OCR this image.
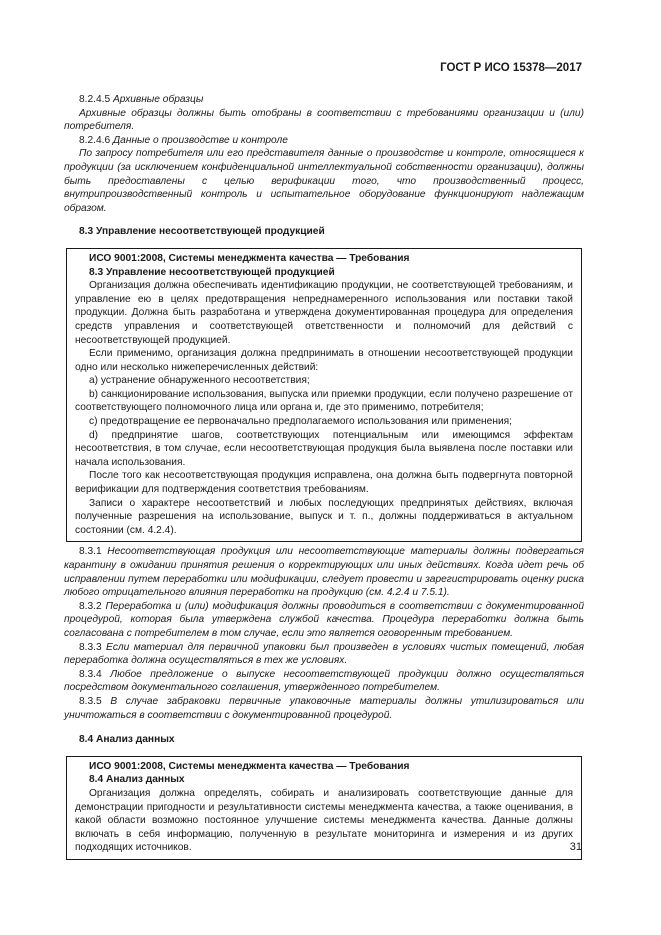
ГОСТ Р ИСО 15378—2017

8.2.4.5 Архивные образцы

Архивные образцы должны быть отобраны в соответствии с требованиями организации и (или) потребителя.

8.2.4.6 Данные о производстве и контроле

По запросу потребителя или его представителя данные о производстве и контроле, относящиеся к продукции (за исключением конфиденциальной интеллектуальной собственности организации), должны быть предоставлены с целью верификации того, что производственный процесс, внутрипроизводственный контроль и испытательное оборудование функционируют надлежащим образом.

8.3 Управление несоответствующей продукцией

ИСО 9001:2008, Системы менеджмента качества — Требования

8.3 Управление несоответствующей продукцией

Организация должна обеспечивать идентификацию продукции, не соответствующей требованиям, и управление ею в целях предотвращения непреднамеренного использования или поставки такой продукции. Должна быть разработана и утверждена документированная процедура для определения средств управления и соответствующей ответственности и полномочий для действий с несоответствующей продукцией.

Если применимо, организация должна предпринимать в отношении несоответствующей продукции одно или несколько нижеперечисленных действий:

a) устранение обнаруженного несоответствия;

b) санкционирование использования, выпуска или приемки продукции, если получено разрешение от соответствующего полномочного лица или органа и, где это применимо, потребителя;

c) предотвращение ее первоначально предполагаемого использования или применения;

d) предпринятие шагов, соответствующих потенциальным или имеющимся эффектам несоответствия, в том случае, если несоответствующая продукция была выявлена после поставки или начала использования.

После того как несоответствующая продукция исправлена, она должна быть подвергнута повторной верификации для подтверждения соответствия требованиям.

Записи о характере несоответствий и любых последующих предпринятых действиях, включая полученные разрешения на использование, выпуск и т. п., должны поддерживаться в актуальном состоянии (см. 4.2.4).

8.3.1 Несоответствующая продукция или несоответствующие материалы должны подвергаться карантину в ожидании принятия решения о корректирующих или иных действиях. Когда идет речь об исправлении путем переработки или модификации, следует провести и зарегистрировать оценку риска любого отрицательного влияния переработки на продукцию (см. 4.2.4 и 7.5.1).

8.3.2 Переработка и (или) модификация должны проводиться в соответствии с документированной процедурой, которая была утверждена службой качества. Процедура переработки должна быть согласована с потребителем в том случае, если это является оговоренным требованием.

8.3.3 Если материал для первичной упаковки был произведен в условиях чистых помещений, любая переработка должна осуществляться в тех же условиях.

8.3.4 Любое предложение о выпуске несоответствующей продукции должно осуществляться посредством документального соглашения, утвержденного потребителем.

8.3.5 В случае забраковки первичные упаковочные материалы должны утилизироваться или уничтожаться в соответствии с документированной процедурой.

8.4 Анализ данных

ИСО 9001:2008, Системы менеджмента качества — Требования

8.4 Анализ данных

Организация должна определять, собирать и анализировать соответствующие данные для демонстрации пригодности и результативности системы менеджмента качества, а также оценивания, в какой области возможно постоянное улучшение системы менеджмента качества. Данные должны включать в себя информацию, полученную в результате мониторинга и измерения и из других подходящих источников.	31
